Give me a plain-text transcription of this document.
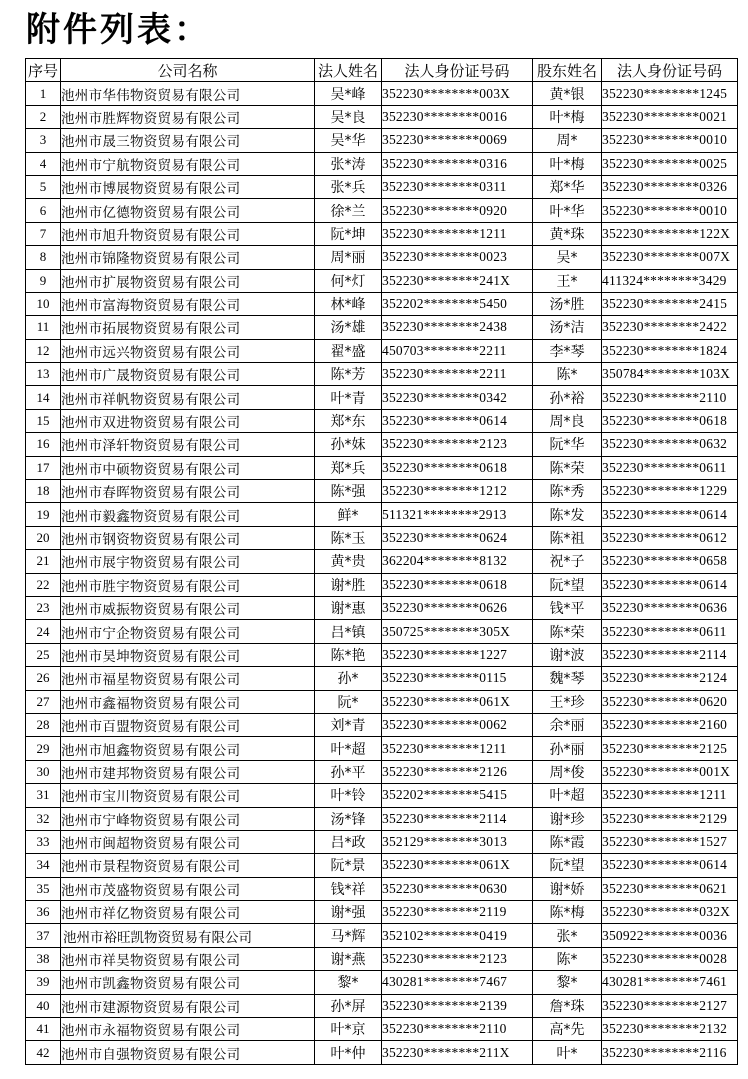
附件列表：
序号	公司名称	法人姓名	法人身份证号码	股东姓名	法人身份证号码
1	池州市华伟物资贸易有限公司	吴*峰	352230********003X	黄*银	352230********1245
2	池州市胜辉物资贸易有限公司	吴*良	352230********0016	叶*梅	352230********0021
3	池州市晟三物资贸易有限公司	吴*华	352230********0069	周*	352230********0010
4	池州市宁航物资贸易有限公司	张*涛	352230********0316	叶*梅	352230********0025
5	池州市博展物资贸易有限公司	张*兵	352230********0311	郑*华	352230********0326
6	池州市亿德物资贸易有限公司	徐*兰	352230********0920	叶*华	352230********0010
7	池州市旭升物资贸易有限公司	阮*坤	352230********1211	黄*珠	352230********122X
8	池州市锦隆物资贸易有限公司	周*丽	352230********0023	吴*	352230********007X
9	池州市扩展物资贸易有限公司	何*灯	352230********241X	王*	411324********3429
10	池州市富海物资贸易有限公司	林*峰	352202********5450	汤*胜	352230********2415
11	池州市拓展物资贸易有限公司	汤*雄	352230********2438	汤*洁	352230********2422
12	池州市远兴物资贸易有限公司	翟*盛	450703********2211	李*琴	352230********1824
13	池州市广晟物资贸易有限公司	陈*芳	352230********2211	陈*	350784********103X
14	池州市祥帆物资贸易有限公司	叶*青	352230********0342	孙*裕	352230********2110
15	池州市双进物资贸易有限公司	郑*东	352230********0614	周*良	352230********0618
16	池州市泽轩物资贸易有限公司	孙*妹	352230********2123	阮*华	352230********0632
17	池州市中硕物资贸易有限公司	郑*兵	352230********0618	陈*荣	352230********0611
18	池州市春晖物资贸易有限公司	陈*强	352230********1212	陈*秀	352230********1229
19	池州市毅鑫物资贸易有限公司	鲜*	511321********2913	陈*发	352230********0614
20	池州市钢资物资贸易有限公司	陈*玉	352230********0624	陈*祖	352230********0612
21	池州市展宇物资贸易有限公司	黄*贵	362204********8132	祝*子	352230********0658
22	池州市胜宇物资贸易有限公司	谢*胜	352230********0618	阮*望	352230********0614
23	池州市威振物资贸易有限公司	谢*惠	352230********0626	钱*平	352230********0636
24	池州市宁企物资贸易有限公司	吕*镇	350725********305X	陈*荣	352230********0611
25	池州市昊坤物资贸易有限公司	陈*艳	352230********1227	谢*波	352230********2114
26	池州市福星物资贸易有限公司	孙*	352230********0115	魏*琴	352230********2124
27	池州市鑫福物资贸易有限公司	阮*	352230********061X	王*珍	352230********0620
28	池州市百盟物资贸易有限公司	刘*青	352230********0062	余*丽	352230********2160
29	池州市旭鑫物资贸易有限公司	叶*超	352230********1211	孙*丽	352230********2125
30	池州市建邦物资贸易有限公司	孙*平	352230********2126	周*俊	352230********001X
31	池州市宝川物资贸易有限公司	叶*铃	352202********5415	叶*超	352230********1211
32	池州市宁峰物资贸易有限公司	汤*锋	352230********2114	谢*珍	352230********2129
33	池州市闽超物资贸易有限公司	吕*政	352129********3013	陈*霞	352230********1527
34	池州市景程物资贸易有限公司	阮*景	352230********061X	阮*望	352230********0614
35	池州市茂盛物资贸易有限公司	钱*祥	352230********0630	谢*娇	352230********0621
36	池州市祥亿物资贸易有限公司	谢*强	352230********2119	陈*梅	352230********032X
37	池州市裕旺凯物资贸易有限公司	马*辉	352102********0419	张*	350922********0036
38	池州市祥昊物资贸易有限公司	谢*燕	352230********2123	陈*	352230********0028
39	池州市凯鑫物资贸易有限公司	黎*	430281********7467	黎*	430281********7461
40	池州市建源物资贸易有限公司	孙*屏	352230********2139	詹*珠	352230********2127
41	池州市永福物资贸易有限公司	叶*京	352230********2110	高*先	352230********2132
42	池州市自强物资贸易有限公司	叶*仲	352230********211X	叶*	352230********2116
